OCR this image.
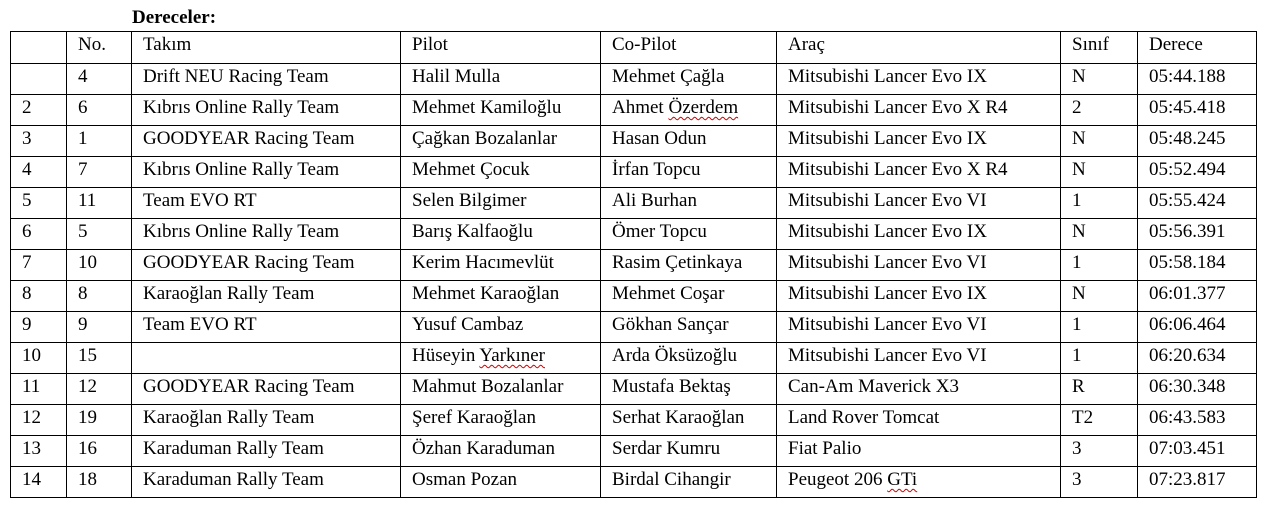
Dereceler:
	No.	Takım	Pilot	Co-Pilot	Araç	Sınıf	Derece
	4	Drift NEU Racing Team	Halil Mulla	Mehmet Çağla	Mitsubishi Lancer Evo IX	N	05:44.188
2	6	Kıbrıs Online Rally Team	Mehmet Kamiloğlu	Ahmet Özerdem	Mitsubishi Lancer Evo X R4	2	05:45.418
3	1	GOODYEAR Racing Team	Çağkan Bozalanlar	Hasan Odun	Mitsubishi Lancer Evo IX	N	05:48.245
4	7	Kıbrıs Online Rally Team	Mehmet Çocuk	İrfan Topcu	Mitsubishi Lancer Evo X R4	N	05:52.494
5	11	Team EVO RT	Selen Bilgimer	Ali Burhan	Mitsubishi Lancer Evo VI	1	05:55.424
6	5	Kıbrıs Online Rally Team	Barış Kalfaoğlu	Ömer Topcu	Mitsubishi Lancer Evo IX	N	05:56.391
7	10	GOODYEAR Racing Team	Kerim Hacımevlüt	Rasim Çetinkaya	Mitsubishi Lancer Evo VI	1	05:58.184
8	8	Karaoğlan Rally Team	Mehmet Karaoğlan	Mehmet Coşar	Mitsubishi Lancer Evo IX	N	06:01.377
9	9	Team EVO RT	Yusuf Cambaz	Gökhan Sançar	Mitsubishi Lancer Evo VI	1	06:06.464
10	15		Hüseyin Yarkıner	Arda Öksüzoğlu	Mitsubishi Lancer Evo VI	1	06:20.634
11	12	GOODYEAR Racing Team	Mahmut Bozalanlar	Mustafa Bektaş	Can-Am Maverick X3	R	06:30.348
12	19	Karaoğlan Rally Team	Şeref Karaoğlan	Serhat Karaoğlan	Land Rover Tomcat	T2	06:43.583
13	16	Karaduman Rally Team	Özhan Karaduman	Serdar Kumru	Fiat Palio	3	07:03.451
14	18	Karaduman Rally Team	Osman Pozan	Birdal Cihangir	Peugeot 206 GTi	3	07:23.817
